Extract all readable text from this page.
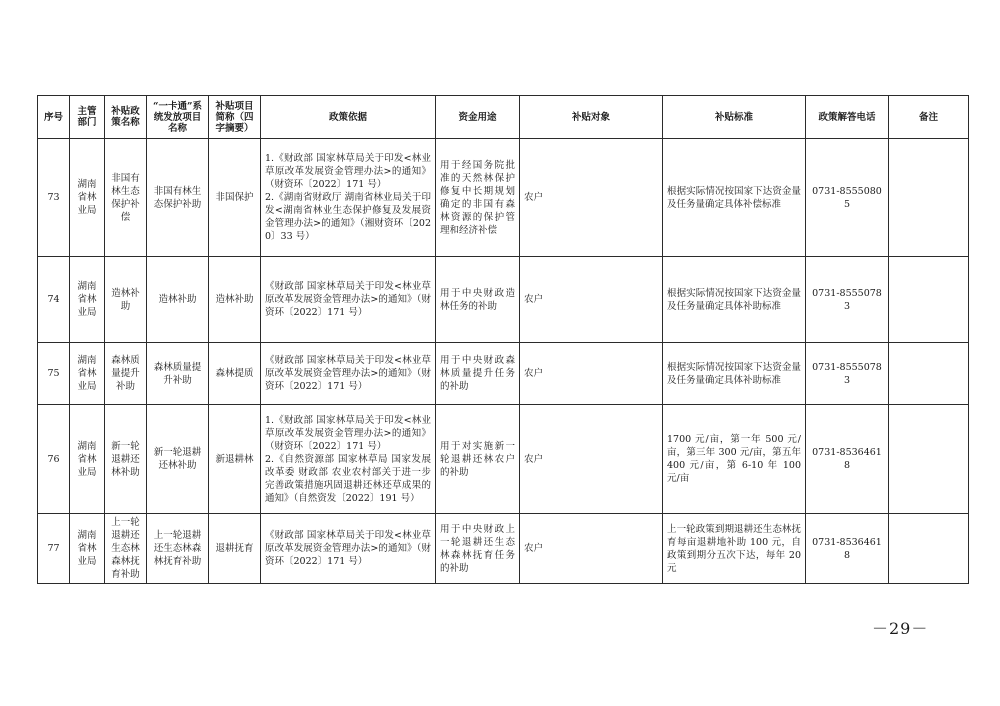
序号	主管部门	补贴政策名称	“一卡通”系统发放项目名称	补贴项目简称（四字摘要）	政策依据	资金用途	补贴对象	补贴标准	政策解答电话	备注
73	湖南省林业局	非国有林生态保护补偿	非国有林生态保护补助	非国保护	1.《财政部 国家林草局关于印发<林业草原改革发展资金管理办法>的通知》（财资环〔2022〕171 号）
2.《湖南省财政厅 湖南省林业局关于印发<湖南省林业生态保护修复及发展资金管理办法>的通知》（湘财资环〔2020〕33 号）	用于经国务院批准的天然林保护修复中长期规划确定的非国有森林资源的保护管理和经济补偿	农户	根据实际情况按国家下达资金量及任务量确定具体补偿标准	0731-85550805	
74	湖南省林业局	造林补助	造林补助	造林补助	《财政部 国家林草局关于印发<林业草原改革发展资金管理办法>的通知》（财资环〔2022〕171 号）	用于中央财政造林任务的补助	农户	根据实际情况按国家下达资金量及任务量确定具体补助标准	0731-85550783	
75	湖南省林业局	森林质量提升补助	森林质量提升补助	森林提质	《财政部 国家林草局关于印发<林业草原改革发展资金管理办法>的通知》（财资环〔2022〕171 号）	用于中央财政森林质量提升任务的补助	农户	根据实际情况按国家下达资金量及任务量确定具体补助标准	0731-85550783	
76	湖南省林业局	新一轮退耕还林补助	新一轮退耕还林补助	新退耕林	1.《财政部 国家林草局关于印发<林业草原改革发展资金管理办法>的通知》（财资环〔2022〕171 号）
2.《自然资源部 国家林草局 国家发展改革委 财政部 农业农村部关于进一步完善政策措施巩固退耕还林还草成果的通知》（自然资发〔2022〕191 号）	用于对实施新一轮退耕还林农户的补助	农户	1700 元/亩，第一年 500 元/亩，第三年 300 元/亩，第五年 400 元/亩，第 6-10 年 100 元/亩	0731-85364618	
77	湖南省林业局	上一轮退耕还生态林森林抚育补助	上一轮退耕还生态林森林抚育补助	退耕抚育	《财政部 国家林草局关于印发<林业草原改革发展资金管理办法>的通知》（财资环〔2022〕171 号）	用于中央财政上一轮退耕还生态林森林抚育任务的补助	农户	上一轮政策到期退耕还生态林抚育每亩退耕地补助 100 元，自政策到期分五次下达，每年 20 元	0731-85364618	
－29－
